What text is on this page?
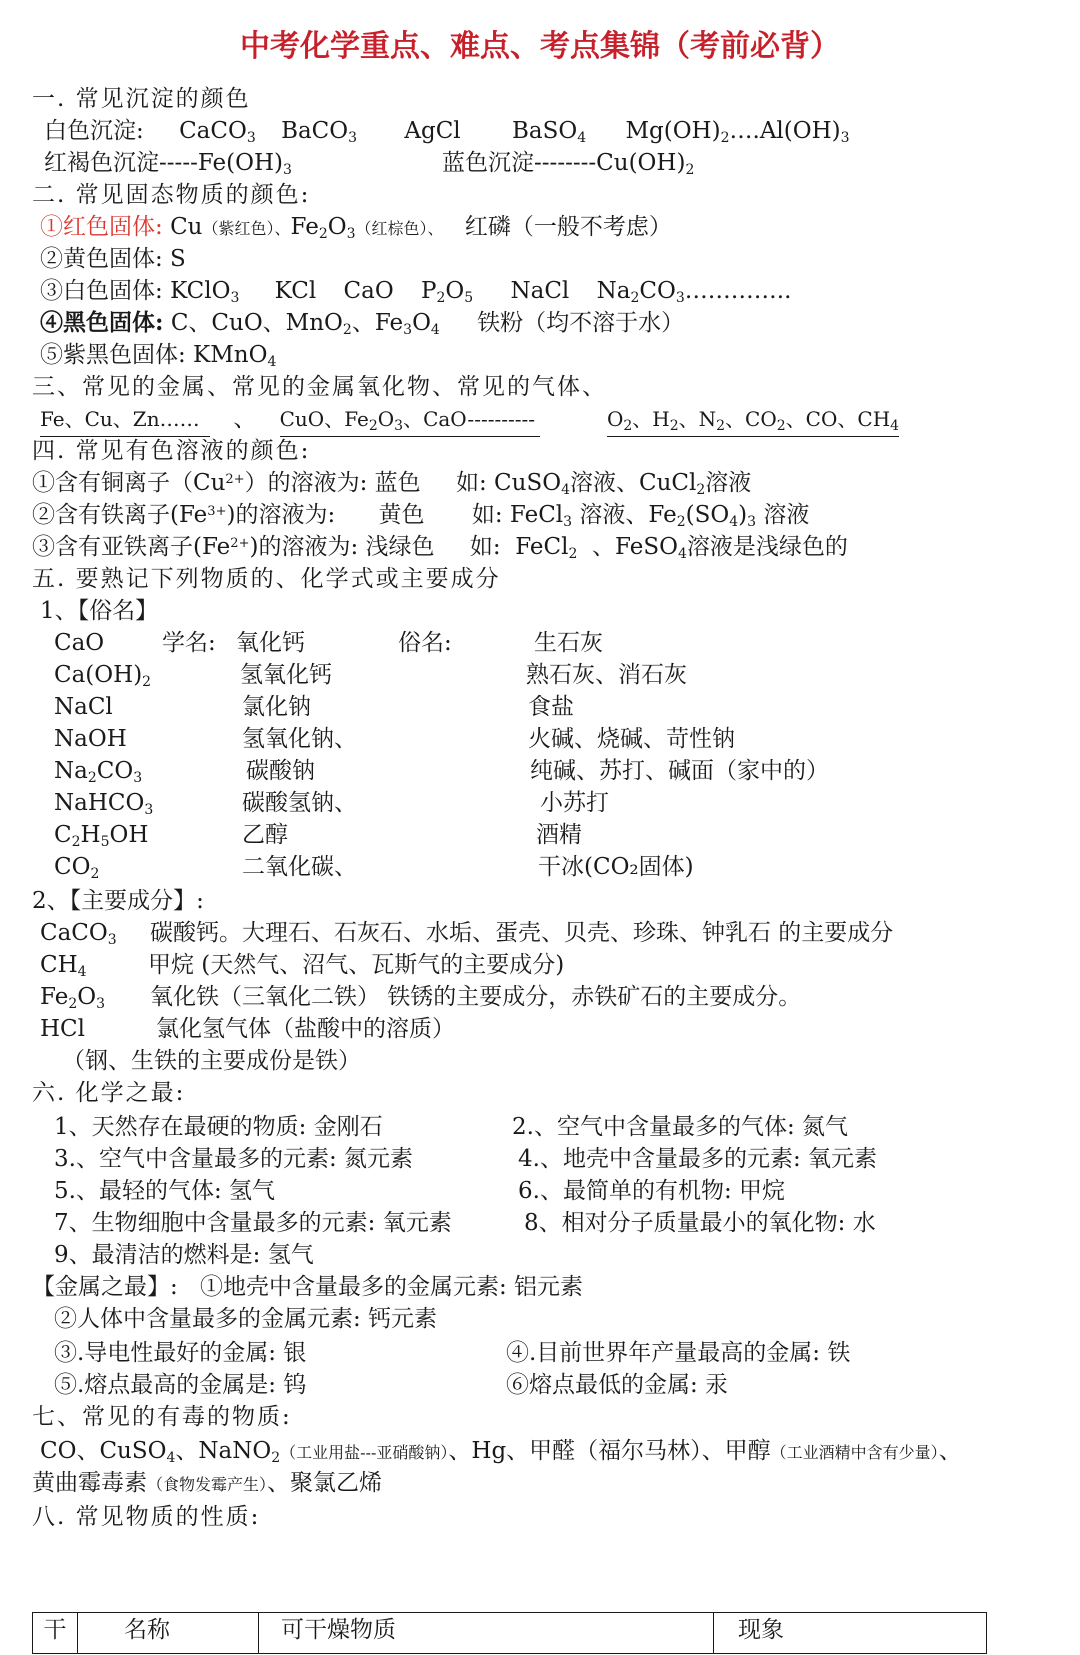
中考化学重点、难点、考点集锦（考前必背）
一. 常见沉淀的颜色
白色沉淀: CaCO$_3$ BaCO$_3$ AgCl BaSO$_4$ $Mg(OH)_2\dots.Al(OH)_3$
红褐色沉淀$-----Fe(OH)_3$	蓝色沉淀$--------Cu(OH)_2$
二. 常见固态物质的颜色:
①红色固体: Cu（紫红色）、$Fe_2O_3$（红棕色）、 红磷（一般不考虑）
②黄色固体: S
③白色固体: KClO$_3$ KCl CaO $P_2O_5$ NaCl $Na_2CO_3\dots\dots\dots\dots$..
④黑色固体: C、CuO、MnO$_2$、$Fe_3O_4$ 铁粉（均不溶于水）
⑤紫黑色固体: KMnO$_4$
三、常见的金属、常见的金属氧化物、常见的气体、
Fe、Cu、Zn…… 、 CuO、$Fe_2O_3$、CaO----------	$O_2$、$H_2$、$N_2$、$CO_2$、CO、$CH_4$
四. 常见有色溶液的颜色:
①含有铜离子$(Cu^{2+})$的溶液为: 蓝色 如: CuSO$_4$溶液、CuCl$_2$溶液
②含有铁离子$(Fe^{3+})$的溶液为: 黄色 如: FeCl$_3$ 溶液、$Fe_2(SO_4)_3$ 溶液
③含有亚铁离子$(Fe^{2+})$的溶液为: 浅绿色 如:  FeCl$_2$ 、FeSO$_4$溶液是浅绿色的
五. 要熟记下列物质的、化学式或主要成分
1、【俗名】
CaO	学名: 氧化钙	俗名:	生石灰
$Ca(OH)_2$	氢氧化钙	熟石灰、消石灰
NaCl	氯化钠	食盐
NaOH	氢氧化钠、	火碱、烧碱、苛性钠
$Na_2CO_3$	碳酸钠	纯碱、苏打、碱面（家中的）
NaHCO$_3$	碳酸氢钠、	小苏打
$C_2H_5OH$	乙醇	酒精
$CO_2$	二氧化碳、	干冰(CO₂固体)
2、【主要成分】:
CaCO$_3$ 碳酸钙。大理石、石灰石、水垢、蛋壳、贝壳、珍珠、钟乳石 的主要成分
$CH_4$	甲烷 (天然气、沼气、瓦斯气的主要成分)
$Fe_2O_3$ 氧化铁（三氧化二铁） 铁锈的主要成分，赤铁矿石的主要成分。
HCl	氯化氢气体（盐酸中的溶质）
（钢、生铁的主要成份是铁）
六. 化学之最:
1、天然存在最硬的物质: 金刚石	2.、空气中含量最多的气体: 氮气
3.、空气中含量最多的元素: 氮元素	4.、地壳中含量最多的元素: 氧元素
5.、最轻的气体: 氢气	6.、最简单的有机物: 甲烷
7、生物细胞中含量最多的元素: 氧元素	8、相对分子质量最小的氧化物: 水
9、最清洁的燃料是: 氢气
【金属之最】: ①地壳中含量最多的金属元素: 铝元素
②人体中含量最多的金属元素: 钙元素
③.导电性最好的金属: 银	④.目前世界年产量最高的金属: 铁
⑤.熔点最高的金属是: 钨	⑥熔点最低的金属: 汞
七、常见的有毒的物质:
CO、CuSO$_4$、NaNO$_2$（工业用盐---亚硝酸钠）、Hg、甲醛（福尔马林）、甲醇（工业酒精中含有少量）、
黄曲霉毒素（食物发霉产生）、聚氯乙烯
八. 常见物质的性质:
干	名称	可干燥物质	现象
